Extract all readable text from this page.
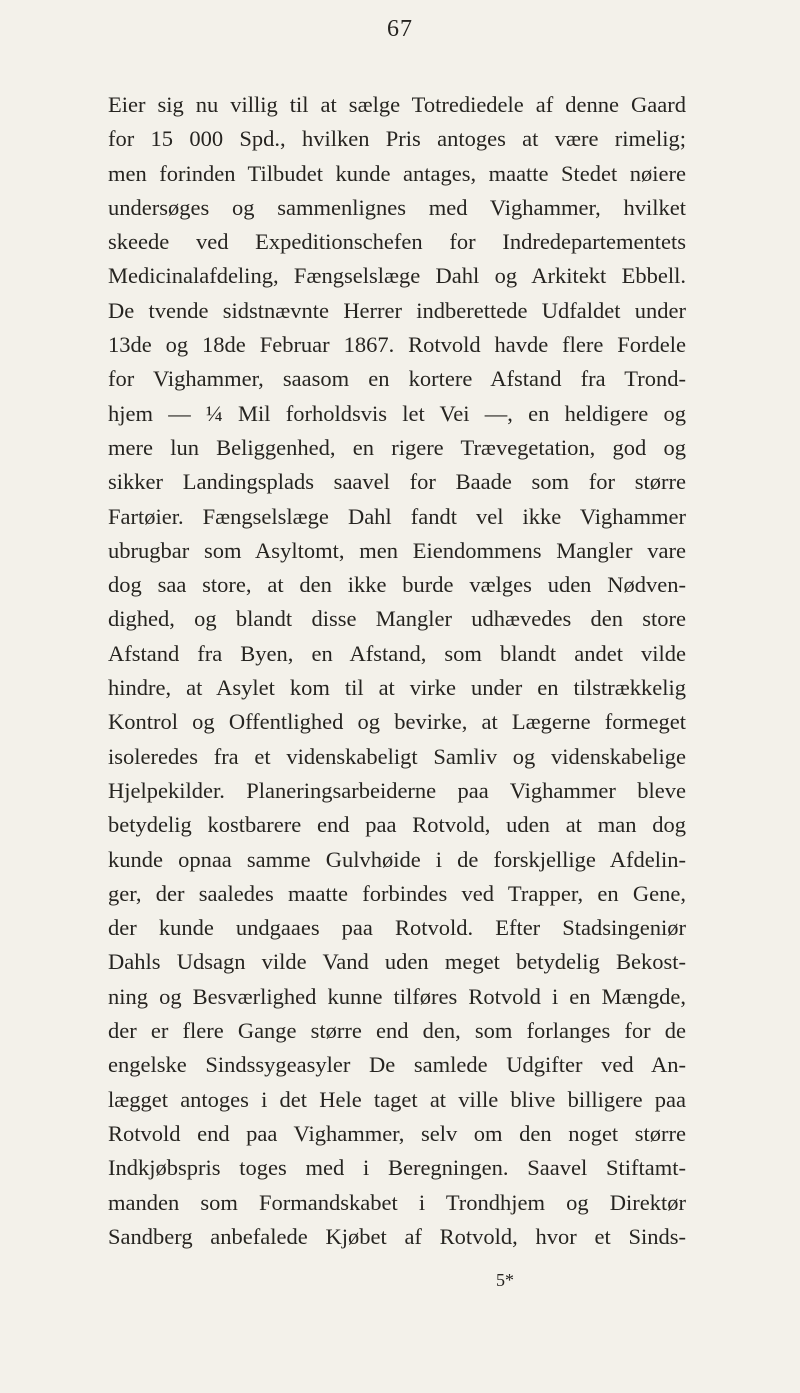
67
Eier sig nu villig til at sælge Totrediedele af denne Gaard
for 15 000 Spd., hvilken Pris antoges at være rimelig;
men forinden Tilbudet kunde antages, maatte Stedet nøiere
undersøges og sammenlignes med Vighammer, hvilket
skeede ved Expeditionschefen for Indredepartementets
Medicinalafdeling, Fængselslæge Dahl og Arkitekt Ebbell.
De tvende sidstnævnte Herrer indberettede Udfaldet under
13de og 18de Februar 1867. Rotvold havde flere Fordele
for Vighammer, saasom en kortere Afstand fra Trond-
hjem — ¼ Mil forholdsvis let Vei —, en heldigere og
mere lun Beliggenhed, en rigere Trævegetation, god og
sikker Landingsplads saavel for Baade som for større
Fartøier. Fængselslæge Dahl fandt vel ikke Vighammer
ubrugbar som Asyltomt, men Eiendommens Mangler vare
dog saa store, at den ikke burde vælges uden Nødven-
dighed, og blandt disse Mangler udhævedes den store
Afstand fra Byen, en Afstand, som blandt andet vilde
hindre, at Asylet kom til at virke under en tilstrækkelig
Kontrol og Offentlighed og bevirke, at Lægerne formeget
isoleredes fra et videnskabeligt Samliv og videnskabelige
Hjelpekilder. Planeringsarbeiderne paa Vighammer bleve
betydelig kostbarere end paa Rotvold, uden at man dog
kunde opnaa samme Gulvhøide i de forskjellige Afdelin-
ger, der saaledes maatte forbindes ved Trapper, en Gene,
der kunde undgaaes paa Rotvold. Efter Stadsingeniør
Dahls Udsagn vilde Vand uden meget betydelig Bekost-
ning og Besværlighed kunne tilføres Rotvold i en Mængde,
der er flere Gange større end den, som forlanges for de
engelske Sindssygeasyler De samlede Udgifter ved An-
lægget antoges i det Hele taget at ville blive billigere paa
Rotvold end paa Vighammer, selv om den noget større
Indkjøbspris toges med i Beregningen. Saavel Stiftamt-
manden som Formandskabet i Trondhjem og Direktør
Sandberg anbefalede Kjøbet af Rotvold, hvor et Sinds-
5*
